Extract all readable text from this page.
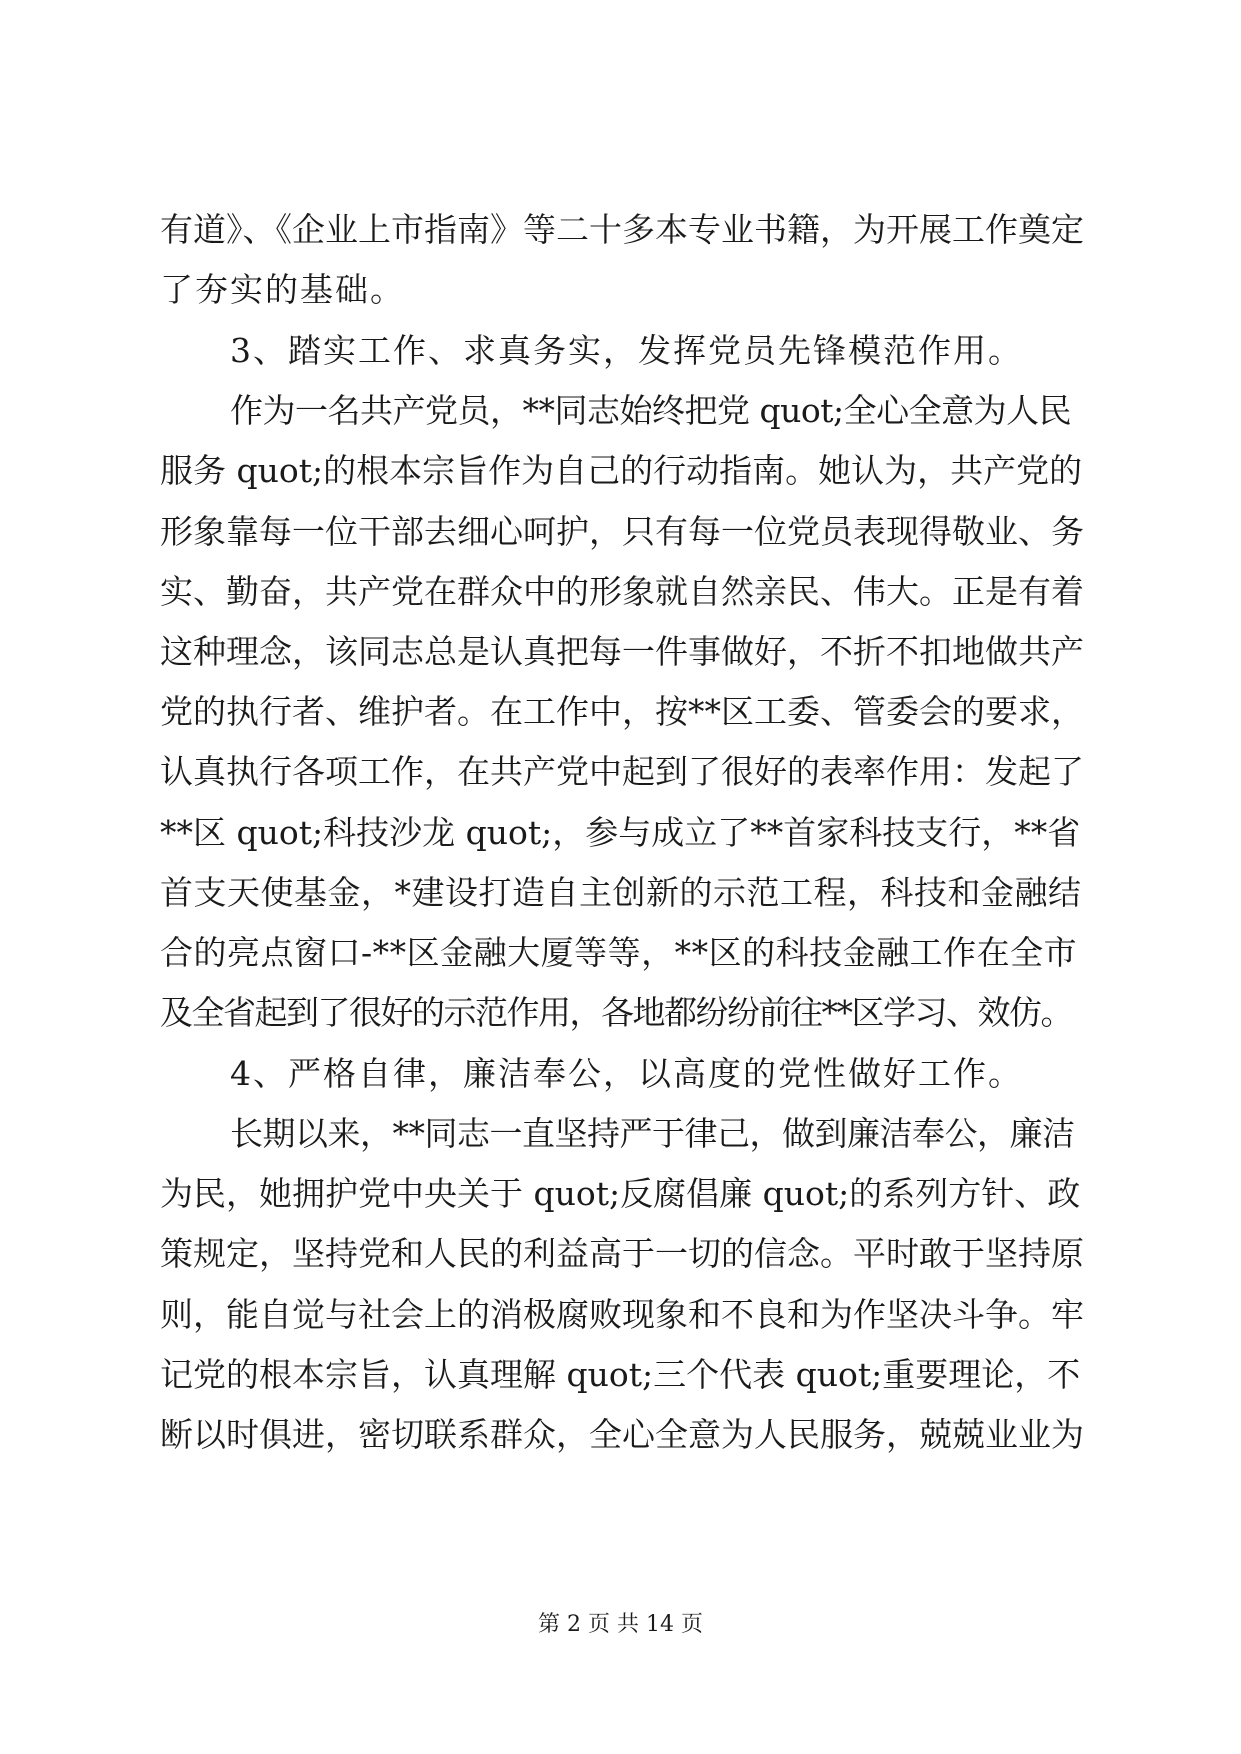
有道》、《企业上市指南》等二十多本专业书籍，为开展工作奠定
了夯实的基础。
3、踏实工作、求真务实，发挥党员先锋模范作用。
作为一名共产党员，**同志始终把党 quot;全心全意为人民
服务 quot;的根本宗旨作为自己的行动指南。她认为，共产党的
形象靠每一位干部去细心呵护，只有每一位党员表现得敬业、务
实、勤奋，共产党在群众中的形象就自然亲民、伟大。正是有着
这种理念，该同志总是认真把每一件事做好，不折不扣地做共产
党的执行者、维护者。在工作中，按**区工委、管委会的要求，
认真执行各项工作，在共产党中起到了很好的表率作用：发起了
**区 quot;科技沙龙 quot;，参与成立了**首家科技支行，**省
首支天使基金，*建设打造自主创新的示范工程，科技和金融结
合的亮点窗口-**区金融大厦等等，**区的科技金融工作在全市
及全省起到了很好的示范作用，各地都纷纷前往**区学习、效仿。
4、严格自律，廉洁奉公，以高度的党性做好工作。
长期以来，**同志一直坚持严于律己，做到廉洁奉公，廉洁
为民，她拥护党中央关于 quot;反腐倡廉 quot;的系列方针、政
策规定，坚持党和人民的利益高于一切的信念。平时敢于坚持原
则，能自觉与社会上的消极腐败现象和不良和为作坚决斗争。牢
记党的根本宗旨，认真理解 quot;三个代表 quot;重要理论，不
断以时俱进，密切联系群众，全心全意为人民服务，兢兢业业为
第 2 页 共 14 页
